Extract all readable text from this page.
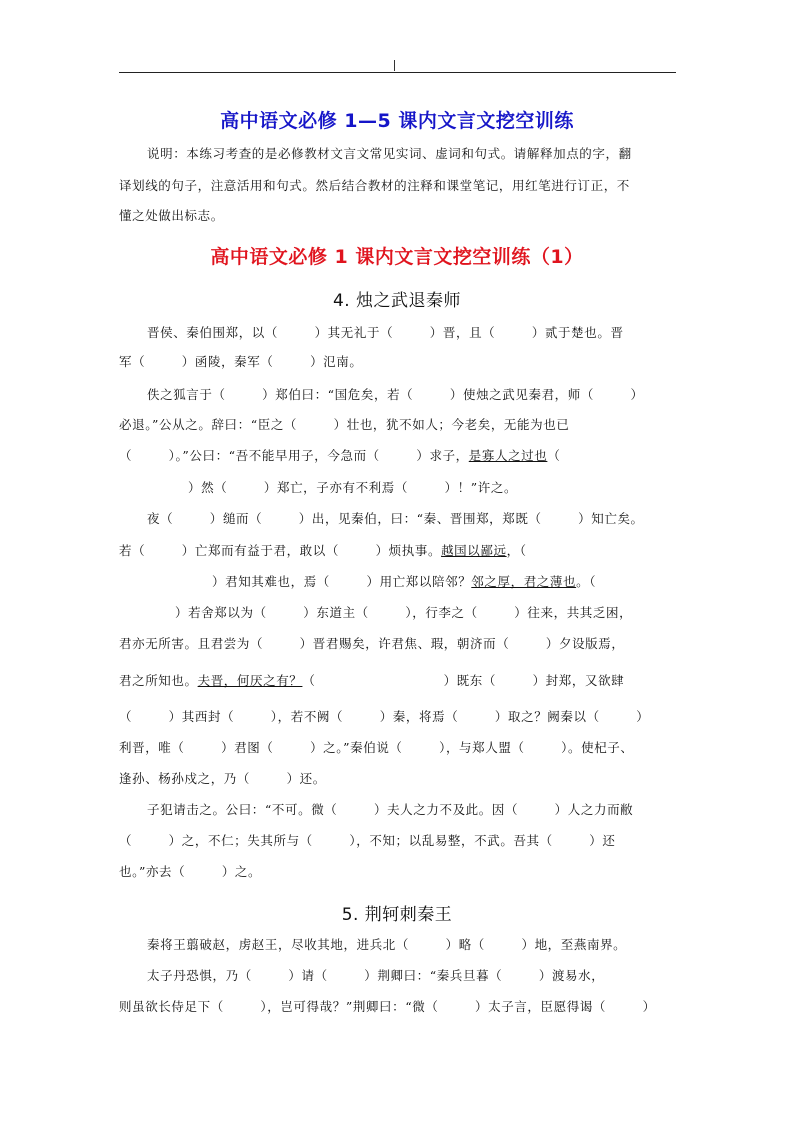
高中语文必修 1—5 课内文言文挖空训练
说明：本练习考查的是必修教材文言文常见实词、虚词和句式。请解释加点的字，翻
译划线的句子，注意活用和句式。然后结合教材的注释和课堂笔记，用红笔进行订正，不
懂之处做出标志。
高中语文必修 1 课内文言文挖空训练（1）
4. 烛之武退秦师
晋侯、秦伯围郑，以（        ）其无礼于（        ）晋，且（        ）贰于楚也。晋
军（        ）函陵，秦军（        ）氾南。
佚之狐言于（        ）郑伯曰：“国危矣，若（        ）使烛之武见秦君，师（        ）
必退。”公从之。辞曰：“臣之（        ）壮也，犹不如人；今老矣，无能为也已
（        ）。”公曰：“吾不能早用子，今急而（        ）求子，是寡人之过也（
）然（        ）郑亡，子亦有不利焉（        ）！”许之。
夜（        ）缒而（        ）出，见秦伯，曰：“秦、晋围郑，郑既（        ）知亡矣。
若（        ）亡郑而有益于君，敢以（        ）烦执事。越国以鄙远，（
）君知其难也，焉（        ）用亡郑以陪邻？邻之厚，君之薄也。（
）若舍郑以为（        ）东道主（        ），行李之（        ）往来，共其乏困，
君亦无所害。且君尝为（        ）晋君赐矣，许君焦、瑕，朝济而（        ）夕设版焉，
君之所知也。夫晋，何厌之有？（                            ）既东（        ）封郑，又欲肆
（        ）其西封（        ），若不阙（        ）秦，将焉（        ）取之？阙秦以（        ）
利晋，唯（        ）君图（        ）之。”秦伯说（        ），与郑人盟（        ）。使杞子、
逢孙、杨孙戍之，乃（        ）还。
子犯请击之。公曰：“不可。微（        ）夫人之力不及此。因（        ）人之力而敝
（        ）之，不仁；失其所与（        ），不知；以乱易整，不武。吾其（        ）还
也。”亦去（        ）之。
5. 荆轲刺秦王
秦将王翦破赵，虏赵王，尽收其地，进兵北（        ）略（        ）地，至燕南界。
太子丹恐惧，乃（        ）请（        ）荆卿曰：“秦兵旦暮（        ）渡易水，
则虽欲长侍足下（        ），岂可得哉？”荆卿曰：“微（        ）太子言，臣愿得谒（        ）
